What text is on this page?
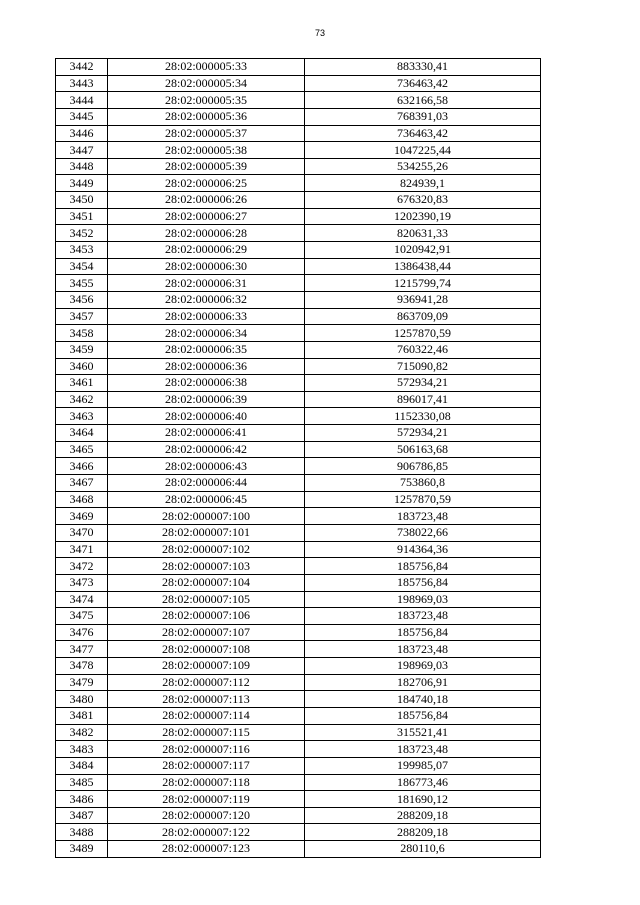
73
3442	28:02:000005:33	883330,41
3443	28:02:000005:34	736463,42
3444	28:02:000005:35	632166,58
3445	28:02:000005:36	768391,03
3446	28:02:000005:37	736463,42
3447	28:02:000005:38	1047225,44
3448	28:02:000005:39	534255,26
3449	28:02:000006:25	824939,1
3450	28:02:000006:26	676320,83
3451	28:02:000006:27	1202390,19
3452	28:02:000006:28	820631,33
3453	28:02:000006:29	1020942,91
3454	28:02:000006:30	1386438,44
3455	28:02:000006:31	1215799,74
3456	28:02:000006:32	936941,28
3457	28:02:000006:33	863709,09
3458	28:02:000006:34	1257870,59
3459	28:02:000006:35	760322,46
3460	28:02:000006:36	715090,82
3461	28:02:000006:38	572934,21
3462	28:02:000006:39	896017,41
3463	28:02:000006:40	1152330,08
3464	28:02:000006:41	572934,21
3465	28:02:000006:42	506163,68
3466	28:02:000006:43	906786,85
3467	28:02:000006:44	753860,8
3468	28:02:000006:45	1257870,59
3469	28:02:000007:100	183723,48
3470	28:02:000007:101	738022,66
3471	28:02:000007:102	914364,36
3472	28:02:000007:103	185756,84
3473	28:02:000007:104	185756,84
3474	28:02:000007:105	198969,03
3475	28:02:000007:106	183723,48
3476	28:02:000007:107	185756,84
3477	28:02:000007:108	183723,48
3478	28:02:000007:109	198969,03
3479	28:02:000007:112	182706,91
3480	28:02:000007:113	184740,18
3481	28:02:000007:114	185756,84
3482	28:02:000007:115	315521,41
3483	28:02:000007:116	183723,48
3484	28:02:000007:117	199985,07
3485	28:02:000007:118	186773,46
3486	28:02:000007:119	181690,12
3487	28:02:000007:120	288209,18
3488	28:02:000007:122	288209,18
3489	28:02:000007:123	280110,6
